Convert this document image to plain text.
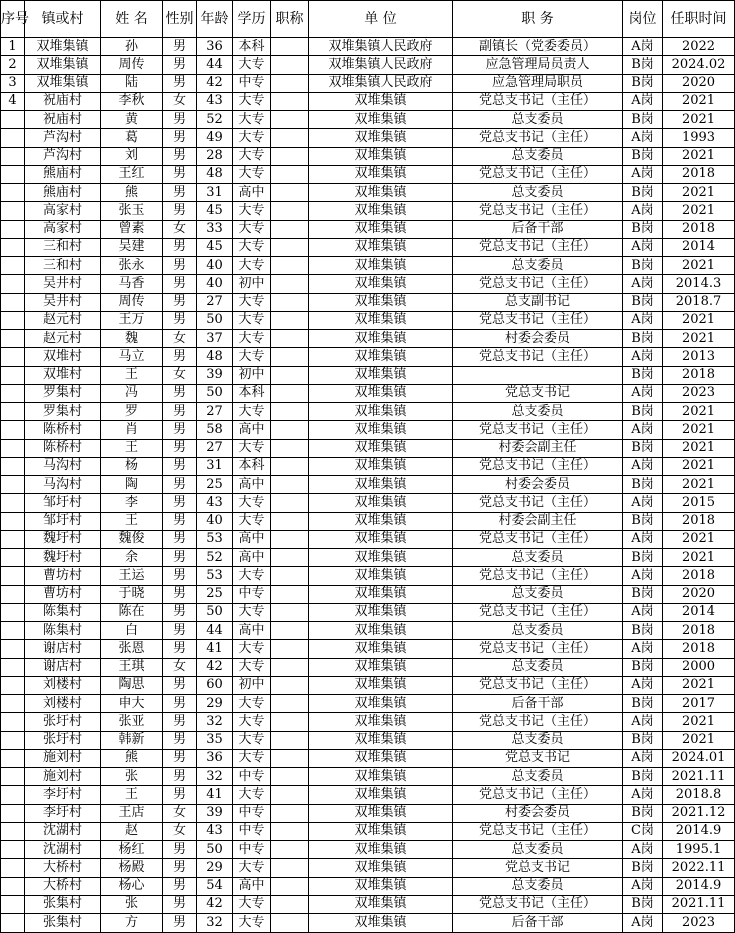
序号	镇或村	姓 名	性别	年龄	学历	职称	单 位	职 务	岗位	任职时间
1	双堆集镇	孙	男	36	本科		双堆集镇人民政府	副镇长（党委委员）	A岗	2022
2	双堆集镇	周传	男	44	大专		双堆集镇人民政府	应急管理局员责人	B岗	2024.02
3	双堆集镇	陆	男	42	中专		双堆集镇人民政府	应急管理局职员	B岗	2020
4	祝庙村	李秋	女	43	大专		双堆集镇	党总支书记（主任）	A岗	2021
	祝庙村	黄	男	52	大专		双堆集镇	总支委员	B岗	2021
	芦沟村	葛	男	49	大专		双堆集镇	党总支书记（主任）	A岗	1993
	芦沟村	刘	男	28	大专		双堆集镇	总支委员	B岗	2021
	熊庙村	王红	男	48	大专		双堆集镇	党总支书记（主任）	A岗	2018
	熊庙村	熊	男	31	高中		双堆集镇	总支委员	B岗	2021
	高家村	张玉	男	45	大专		双堆集镇	党总支书记（主任）	A岗	2021
	高家村	曾素	女	33	大专		双堆集镇	后备干部	B岗	2018
	三和村	吴建	男	45	大专		双堆集镇	党总支书记（主任）	A岗	2014
	三和村	张永	男	40	大专		双堆集镇	总支委员	B岗	2021
	吴井村	马香	男	40	初中		双堆集镇	党总支书记（主任）	A岗	2014.3
	吴井村	周传	男	27	大专		双堆集镇	总支副书记	B岗	2018.7
	赵元村	王万	男	50	大专		双堆集镇	党总支书记（主任）	A岗	2021
	赵元村	魏	女	37	大专		双堆集镇	村委会委员	B岗	2021
	双堆村	马立	男	48	大专		双堆集镇	党总支书记（主任）	A岗	2013
	双堆村	王	女	39	初中		双堆集镇		B岗	2018
	罗集村	冯	男	50	本科		双堆集镇	党总支书记	A岗	2023
	罗集村	罗	男	27	大专		双堆集镇	总支委员	B岗	2021
	陈桥村	肖	男	58	高中		双堆集镇	党总支书记（主任）	A岗	2021
	陈桥村	王	男	27	大专		双堆集镇	村委会副主任	B岗	2021
	马沟村	杨	男	31	本科		双堆集镇	党总支书记（主任）	A岗	2021
	马沟村	陶	男	25	高中		双堆集镇	村委会委员	B岗	2021
	邹圩村	李	男	43	大专		双堆集镇	党总支书记（主任）	A岗	2015
	邹圩村	王	男	40	大专		双堆集镇	村委会副主任	B岗	2018
	魏圩村	魏俊	男	53	高中		双堆集镇	党总支书记（主任）	A岗	2021
	魏圩村	余	男	52	高中		双堆集镇	总支委员	B岗	2021
	曹坊村	王运	男	53	大专		双堆集镇	党总支书记（主任）	A岗	2018
	曹坊村	于晓	男	25	中专		双堆集镇	总支委员	B岗	2020
	陈集村	陈在	男	50	大专		双堆集镇	党总支书记（主任）	A岗	2014
	陈集村	白	男	44	高中		双堆集镇	总支委员	B岗	2018
	谢店村	张恩	男	41	大专		双堆集镇	党总支书记（主任）	A岗	2018
	谢店村	王琪	女	42	大专		双堆集镇	总支委员	B岗	2000
	刘楼村	陶思	男	60	初中		双堆集镇	党总支书记（主任）	A岗	2021
	刘楼村	申大	男	29	大专		双堆集镇	后备干部	B岗	2017
	张圩村	张亚	男	32	大专		双堆集镇	党总支书记（主任）	A岗	2021
	张圩村	韩新	男	35	大专		双堆集镇	总支委员	B岗	2021
	施刘村	熊	男	36	大专		双堆集镇	党总支书记	A岗	2024.01
	施刘村	张	男	32	中专		双堆集镇	总支委员	B岗	2021.11
	李圩村	王	男	41	大专		双堆集镇	党总支书记（主任）	A岗	2018.8
	李圩村	王店	女	39	中专		双堆集镇	村委会委员	B岗	2021.12
	沈湖村	赵	女	43	中专		双堆集镇	党总支书记（主任）	C岗	2014.9
	沈湖村	杨红	男	50	中专		双堆集镇	总支委员	A岗	1995.1
	大桥村	杨殿	男	29	大专		双堆集镇	党总支书记	B岗	2022.11
	大桥村	杨心	男	54	高中		双堆集镇	总支委员	A岗	2014.9
	张集村	张	男	42	大专		双堆集镇	党总支书记（主任）	B岗	2021.11
	张集村	方	男	32	大专		双堆集镇	后备干部	A岗	2023
